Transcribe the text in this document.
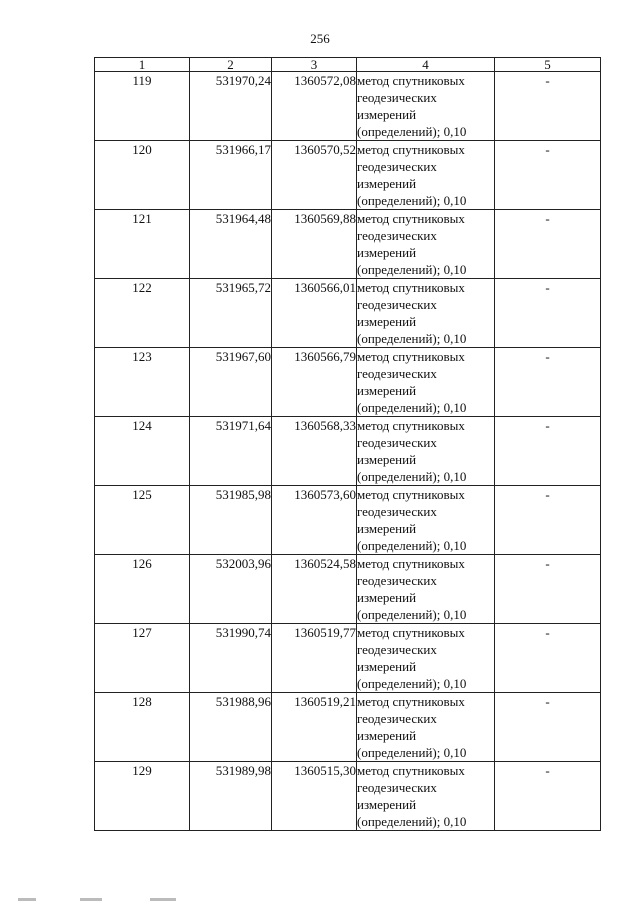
256
1	2	3	4	5
119	531970,24	1360572,08	метод спутниковых
геодезических
измерений
(определений); 0,10	-
120	531966,17	1360570,52	метод спутниковых
геодезических
измерений
(определений); 0,10	-
121	531964,48	1360569,88	метод спутниковых
геодезических
измерений
(определений); 0,10	-
122	531965,72	1360566,01	метод спутниковых
геодезических
измерений
(определений); 0,10	-
123	531967,60	1360566,79	метод спутниковых
геодезических
измерений
(определений); 0,10	-
124	531971,64	1360568,33	метод спутниковых
геодезических
измерений
(определений); 0,10	-
125	531985,98	1360573,60	метод спутниковых
геодезических
измерений
(определений); 0,10	-
126	532003,96	1360524,58	метод спутниковых
геодезических
измерений
(определений); 0,10	-
127	531990,74	1360519,77	метод спутниковых
геодезических
измерений
(определений); 0,10	-
128	531988,96	1360519,21	метод спутниковых
геодезических
измерений
(определений); 0,10	-
129	531989,98	1360515,30	метод спутниковых
геодезических
измерений
(определений); 0,10	-
